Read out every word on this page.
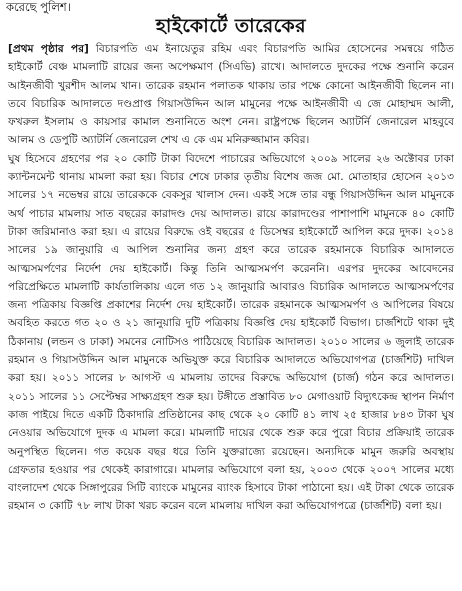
করেছে পুলিশ।
হাইকোর্টে তারেকের

[প্রথম পৃষ্ঠার পর] বিচারপতি এম ইনায়েতুর রহিম এবং বিচারপতি আমির হোসেনের সমন্বয়ে গঠিত হাইকোর্ট বেঞ্চ মামলাটি রায়ের জন্য অপেক্ষমাণ (সিএভি) রাখে। আদালতে দুদকের পক্ষে শুনানি করেন আইনজীবী খুরশীদ আলম খান। তারেক রহমান পলাতক থাকায় তার পক্ষে কোনো আইনজীবী ছিলেন না। তবে বিচারিক আদালতে দণ্ডপ্রাপ্ত গিয়াসউদ্দিন আল মামুনের পক্ষে আইনজীবী এ জে মোহাম্মদ আলী, ফখরুল ইসলাম ও কায়সার কামাল শুনানিতে অংশ নেন। রাষ্ট্রপক্ষে ছিলেন অ্যাটর্নি জেনারেল মাহবুবে আলম ও ডেপুটি অ্যাটর্নি জেনারেল শেখ এ কে এম মনিরুজ্জামান কবির।

ঘুষ হিসেবে গ্রহণের পর ২০ কোটি টাকা বিদেশে পাচারের অভিযোগে ২০০৯ সালের ২৬ অক্টোবর ঢাকা ক্যান্টনমেন্ট থানায় মামলা করা হয়। বিচার শেষে ঢাকার তৃতীয় বিশেষ জজ মো. মোতাহার হোসেন ২০১৩ সালের ১৭ নভেম্বর রায়ে তারেককে বেকসুর খালাস দেন। একই সঙ্গে তার বন্ধু গিয়াসউদ্দিন আল মামুনকে অর্থ পাচার মামলায় সাত বছরের কারাদণ্ড দেয় আদালত। রায়ে কারাদণ্ডের পাশাপাশি মামুনকে ৪০ কোটি টাকা জরিমানাও করা হয়। এ রায়ের বিরুদ্ধে ওই বছরের ৫ ডিসেম্বর হাইকোর্টে আপিল করে দুদক। ২০১৪ সালের ১৯ জানুয়ারি এ আপিল শুনানির জন্য গ্রহণ করে তারেক রহমানকে বিচারিক আদালতে আত্মসমর্পণের নির্দেশ দেয় হাইকোর্ট। কিন্তু তিনি আত্মসমর্পণ করেননি। এরপর দুদকের আবেদনের পরিপ্রেক্ষিতে মামলাটি কার্যতালিকায় এলে গত ১২ জানুয়ারি আবারও বিচারিক আদালতে আত্মসমর্পণের জন্য পত্রিকায় বিজ্ঞপ্তি প্রকাশের নির্দেশ দেয় হাইকোর্ট। তারেক রহমানকে আত্মসমর্পণ ও আপিলের বিষয়ে অবহিত করতে গত ২০ ও ২১ জানুয়ারি দুটি পত্রিকায় বিজ্ঞপ্তি দেয় হাইকোর্ট বিভাগ। চার্জশিটে থাকা দুই ঠিকানায় (লন্ডন ও ঢাকা) সমনের নোটিসও পাঠিয়েছে বিচারিক আদালত। ২০১০ সালের ৬ জুলাই তারেক রহমান ও গিয়াসউদ্দিন আল মামুনকে অভিযুক্ত করে বিচারিক আদালতে অভিযোগপত্র (চার্জশিট) দাখিল করা হয়। ২০১১ সালের ৮ আগস্ট এ মামলায় তাদের বিরুদ্ধে অভিযোগ (চার্জ) গঠন করে আদালত। ২০১১ সালের ১১ সেপ্টেম্বর সাক্ষ্যগ্রহণ শুরু হয়। টঙ্গীতে প্রস্তাবিত ৮০ মেগাওয়াট বিদ্যুৎকেন্দ্র স্থাপন নির্মাণ কাজ পাইয়ে দিতে একটি ঠিকাদারি প্রতিষ্ঠানের কাছ থেকে ২০ কোটি ৪১ লাখ ২৫ হাজার ৮৪৩ টাকা ঘুষ নেওয়ার অভিযোগে দুদক এ মামলা করে। মামলাটি দায়ের থেকে শুরু করে পুরো বিচার প্রক্রিয়াই তারেক অনুপস্থিত ছিলেন। গত কয়েক বছর ধরে তিনি যুক্তরাজ্যে রয়েছেন। অন্যদিকে মামুন জরুরি অবস্থায় গ্রেফতার হওয়ার পর থেকেই কারাগারে। মামলার অভিযোগে বলা হয়, ২০০৩ থেকে ২০০৭ সালের মধ্যে বাংলাদেশ থেকে সিঙ্গাপুরের সিটি ব্যাংকে মামুনের ব্যাংক হিসাবে টাকা পাঠানো হয়। এই টাকা থেকে তারেক রহমান ৩ কোটি ৭৮ লাখ টাকা খরচ করেন বলে মামলায় দাখিল করা অভিযোগপত্রে (চার্জশিট) বলা হয়।
